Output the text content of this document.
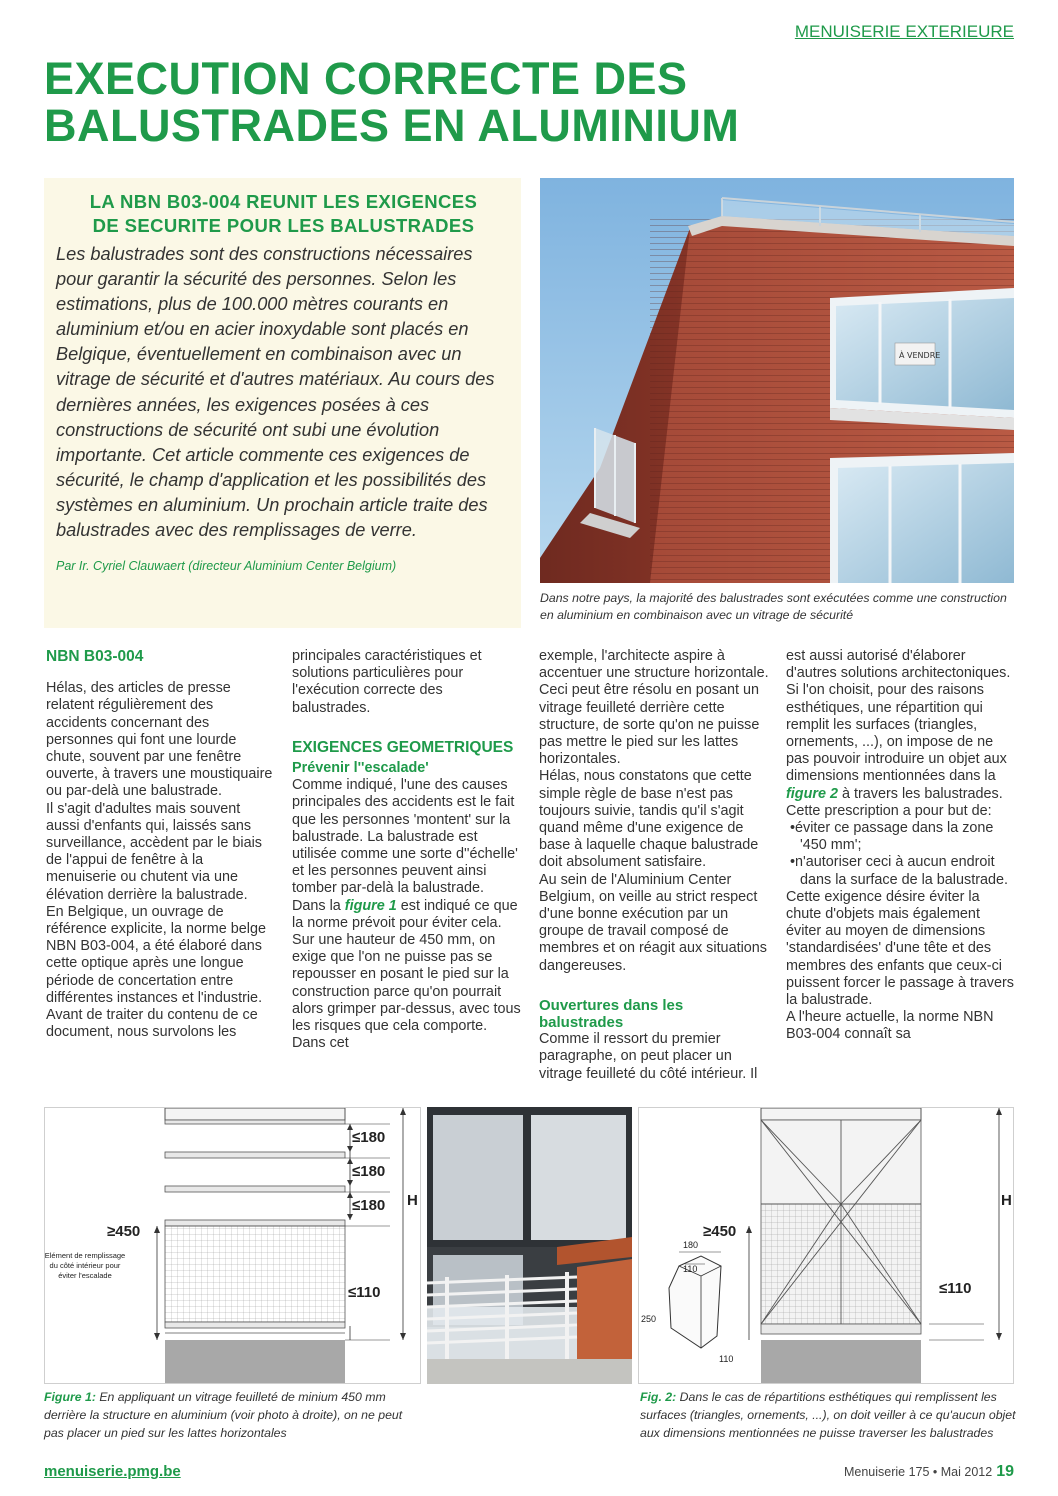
MENUISERIE EXTERIEURE
EXECUTION CORRECTE DES
BALUSTRADES EN ALUMINIUM
LA NBN B03-004 REUNIT LES EXIGENCES
DE SECURITE POUR LES BALUSTRADES

Les balustrades sont des constructions nécessaires pour garantir la sécurité des personnes. Selon les estimations, plus de 100.000 mètres courants en aluminium et/ou en acier inoxydable sont placés en Belgique, éventuellement en combinaison avec un vitrage de sécurité et d'autres matériaux. Au cours des dernières années, les exigences posées à ces constructions de sécurité ont subi une évolution importante. Cet article commente ces exigences de sécurité, le champ d'application et les possibilités des systèmes en aluminium. Un prochain article traite des balustrades avec des remplissages de verre.

Par Ir. Cyriel Clauwaert (directeur Aluminium Center Belgium)

À VENDRE

Dans notre pays, la majorité des balustrades sont exécutées comme une construction en aluminium en combinaison avec un vitrage de sécurité

NBN B03-004

Hélas, des articles de presse relatent régulièrement des accidents concernant des personnes qui font une lourde chute, souvent par une fenêtre ouverte, à travers une moustiquaire ou par-delà une balustrade.

Il s'agit d'adultes mais souvent aussi d'enfants qui, laissés sans surveillance, accèdent par le biais de l'appui de fenêtre à la menuiserie ou chutent via une élévation derrière la balustrade.

En Belgique, un ouvrage de référence explicite, la norme belge NBN B03-004, a été élaboré dans cette optique après une longue période de concertation entre différentes instances et l'industrie.

Avant de traiter du contenu de ce document, nous survolons les

principales caractéristiques et solutions particulières pour l'exécution correcte des balustrades.

EXIGENCES GEOMETRIQUES
Prévenir l''escalade'

Comme indiqué, l'une des causes principales des accidents est le fait que les personnes 'montent' sur la balustrade. La balustrade est utilisée comme une sorte d''échelle' et les personnes peuvent ainsi tomber par-delà la balustrade.

Dans la figure 1 est indiqué ce que la norme prévoit pour éviter cela. Sur une hauteur de 450 mm, on exige que l'on ne puisse pas se repousser en posant le pied sur la construction parce qu'on pourrait alors grimper par-dessus, avec tous les risques que cela comporte. Dans cet

exemple, l'architecte aspire à accentuer une structure horizontale. Ceci peut être résolu en posant un vitrage feuilleté derrière cette structure, de sorte qu'on ne puisse pas mettre le pied sur les lattes horizontales.

Hélas, nous constatons que cette simple règle de base n'est pas toujours suivie, tandis qu'il s'agit quand même d'une exigence de base à laquelle chaque balustrade doit absolument satisfaire.

Au sein de l'Aluminium Center Belgium, on veille au strict respect d'une bonne exécution par un groupe de travail composé de membres et on réagit aux situations dangereuses.

Ouvertures dans les balustrades

Comme il ressort du premier paragraphe, on peut placer un vitrage feuilleté du côté intérieur. Il

est aussi autorisé d'élaborer d'autres solutions architectoniques. Si l'on choisit, pour des raisons esthétiques, une répartition qui remplit les surfaces (triangles, ornements, ...), on impose de ne pas pouvoir introduire un objet aux dimensions mentionnées dans la figure 2 à travers les balustrades.

Cette prescription a pour but de:

•éviter ce passage dans la zone '450 mm';

•n'autoriser ceci à aucun endroit dans la surface de la balustrade.

Cette exigence désire éviter la chute d'objets mais également éviter au moyen de dimensions 'standardisées' d'une tête et des membres des enfants que ceux-ci puissent forcer le passage à travers la balustrade.

A l'heure actuelle, la norme NBN B03-004 connaît sa

≤180
≤180
≤180 H
≥450
≤110
Elément de remplissage
du côté intérieur pour
éviter l'escalade
H
≥450
≤110
180
110
250
110

Figure 1: En appliquant un vitrage feuilleté de minium 450 mm derrière la structure en aluminium (voir photo à droite), on ne peut pas placer un pied sur les lattes horizontales

Fig. 2: Dans le cas de répartitions esthétiques qui remplissent les surfaces (triangles, ornements, ...), on doit veiller à ce qu'aucun objet aux dimensions mentionnées ne puisse traverser les balustrades

menuiserie.pmg.be	Menuiserie 175 • Mai 2012 19
